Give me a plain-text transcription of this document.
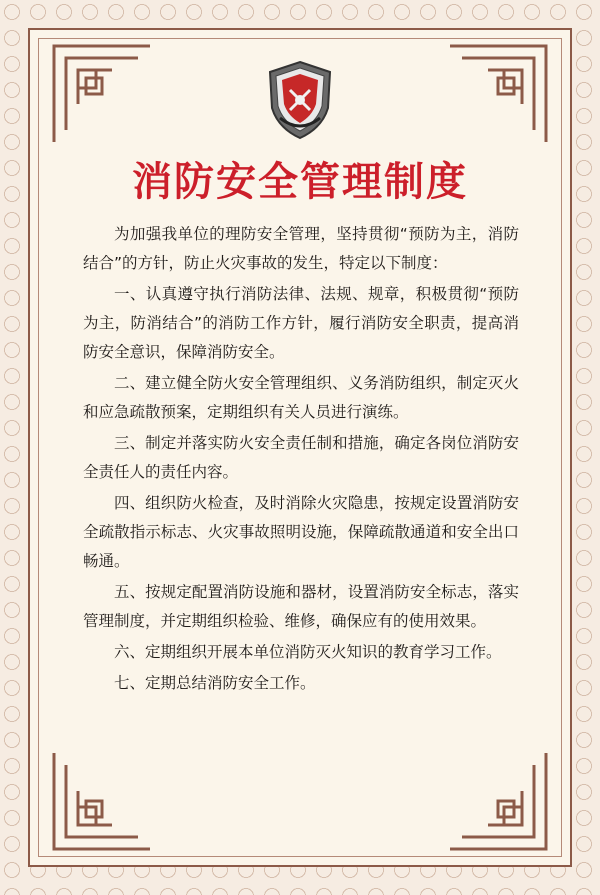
消防安全管理制度

为加强我单位的理防安全管理，坚持贯彻“预防为主，消防结合”的方针，防止火灾事故的发生，特定以下制度：

一、认真遵守执行消防法律、法规、规章，积极贯彻“预防为主，防消结合”的消防工作方针，履行消防安全职责，提高消防安全意识，保障消防安全。

二、建立健全防火安全管理组织、义务消防组织，制定灭火和应急疏散预案，定期组织有关人员进行演练。

三、制定并落实防火安全责任制和措施，确定各岗位消防安全责任人的责任内容。

四、组织防火检查，及时消除火灾隐患，按规定设置消防安全疏散指示标志、火灾事故照明设施，保障疏散通道和安全出口畅通。

五、按规定配置消防设施和器材，设置消防安全标志，落实管理制度，并定期组织检验、维修，确保应有的使用效果。

六、定期组织开展本单位消防灭火知识的教育学习工作。

七、定期总结消防安全工作。
